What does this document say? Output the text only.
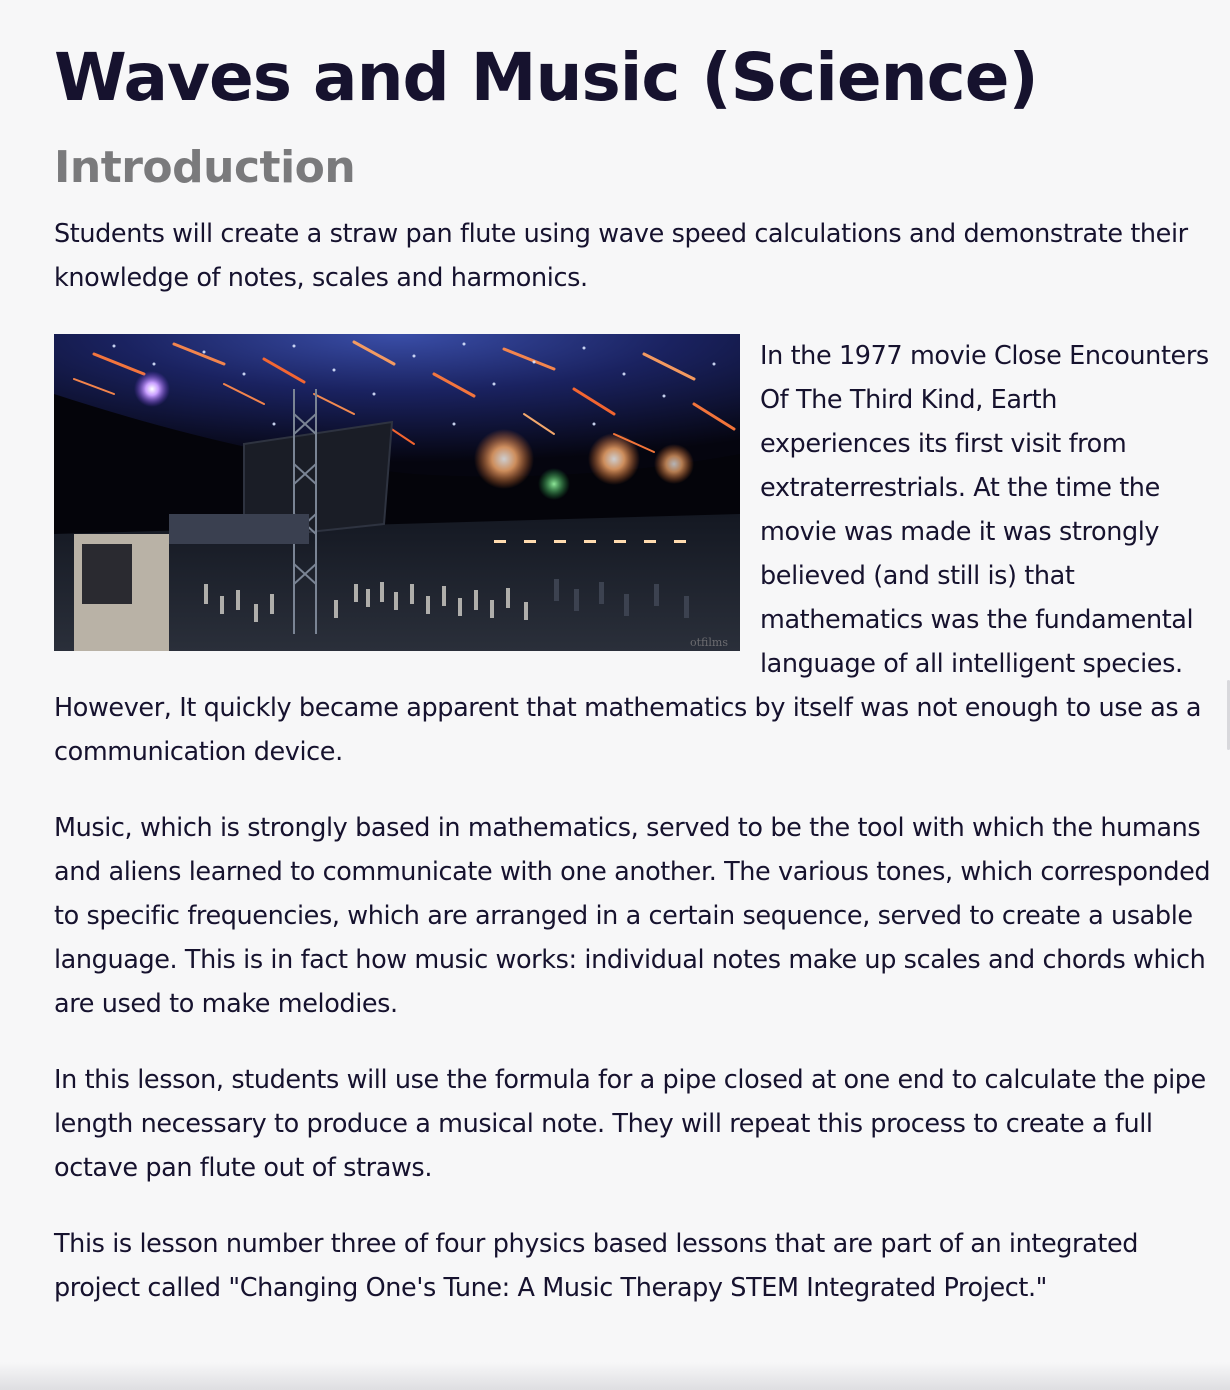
Waves and Music (Science)
Introduction

Students will create a straw pan flute using wave speed calculations and demonstrate their knowledge of notes, scales and harmonics.

otfilms

In the 1977 movie Close Encounters Of The Third Kind, Earth experiences its first visit from extraterrestrials. At the time the movie was made it was strongly believed (and still is) that mathematics was the fundamental language of all intelligent species. However, It quickly became apparent that mathematics by itself was not enough to use as a communication device.

Music, which is strongly based in mathematics, served to be the tool with which the humans and aliens learned to communicate with one another. The various tones, which corresponded to specific frequencies, which are arranged in a certain sequence, served to create a usable language. This is in fact how music works: individual notes make up scales and chords which are used to make melodies.

In this lesson, students will use the formula for a pipe closed at one end to calculate the pipe length necessary to produce a musical note. They will repeat this process to create a full octave pan flute out of straws.

This is lesson number three of four physics based lessons that are part of an integrated project called "Changing One's Tune: A Music Therapy STEM Integrated Project."
